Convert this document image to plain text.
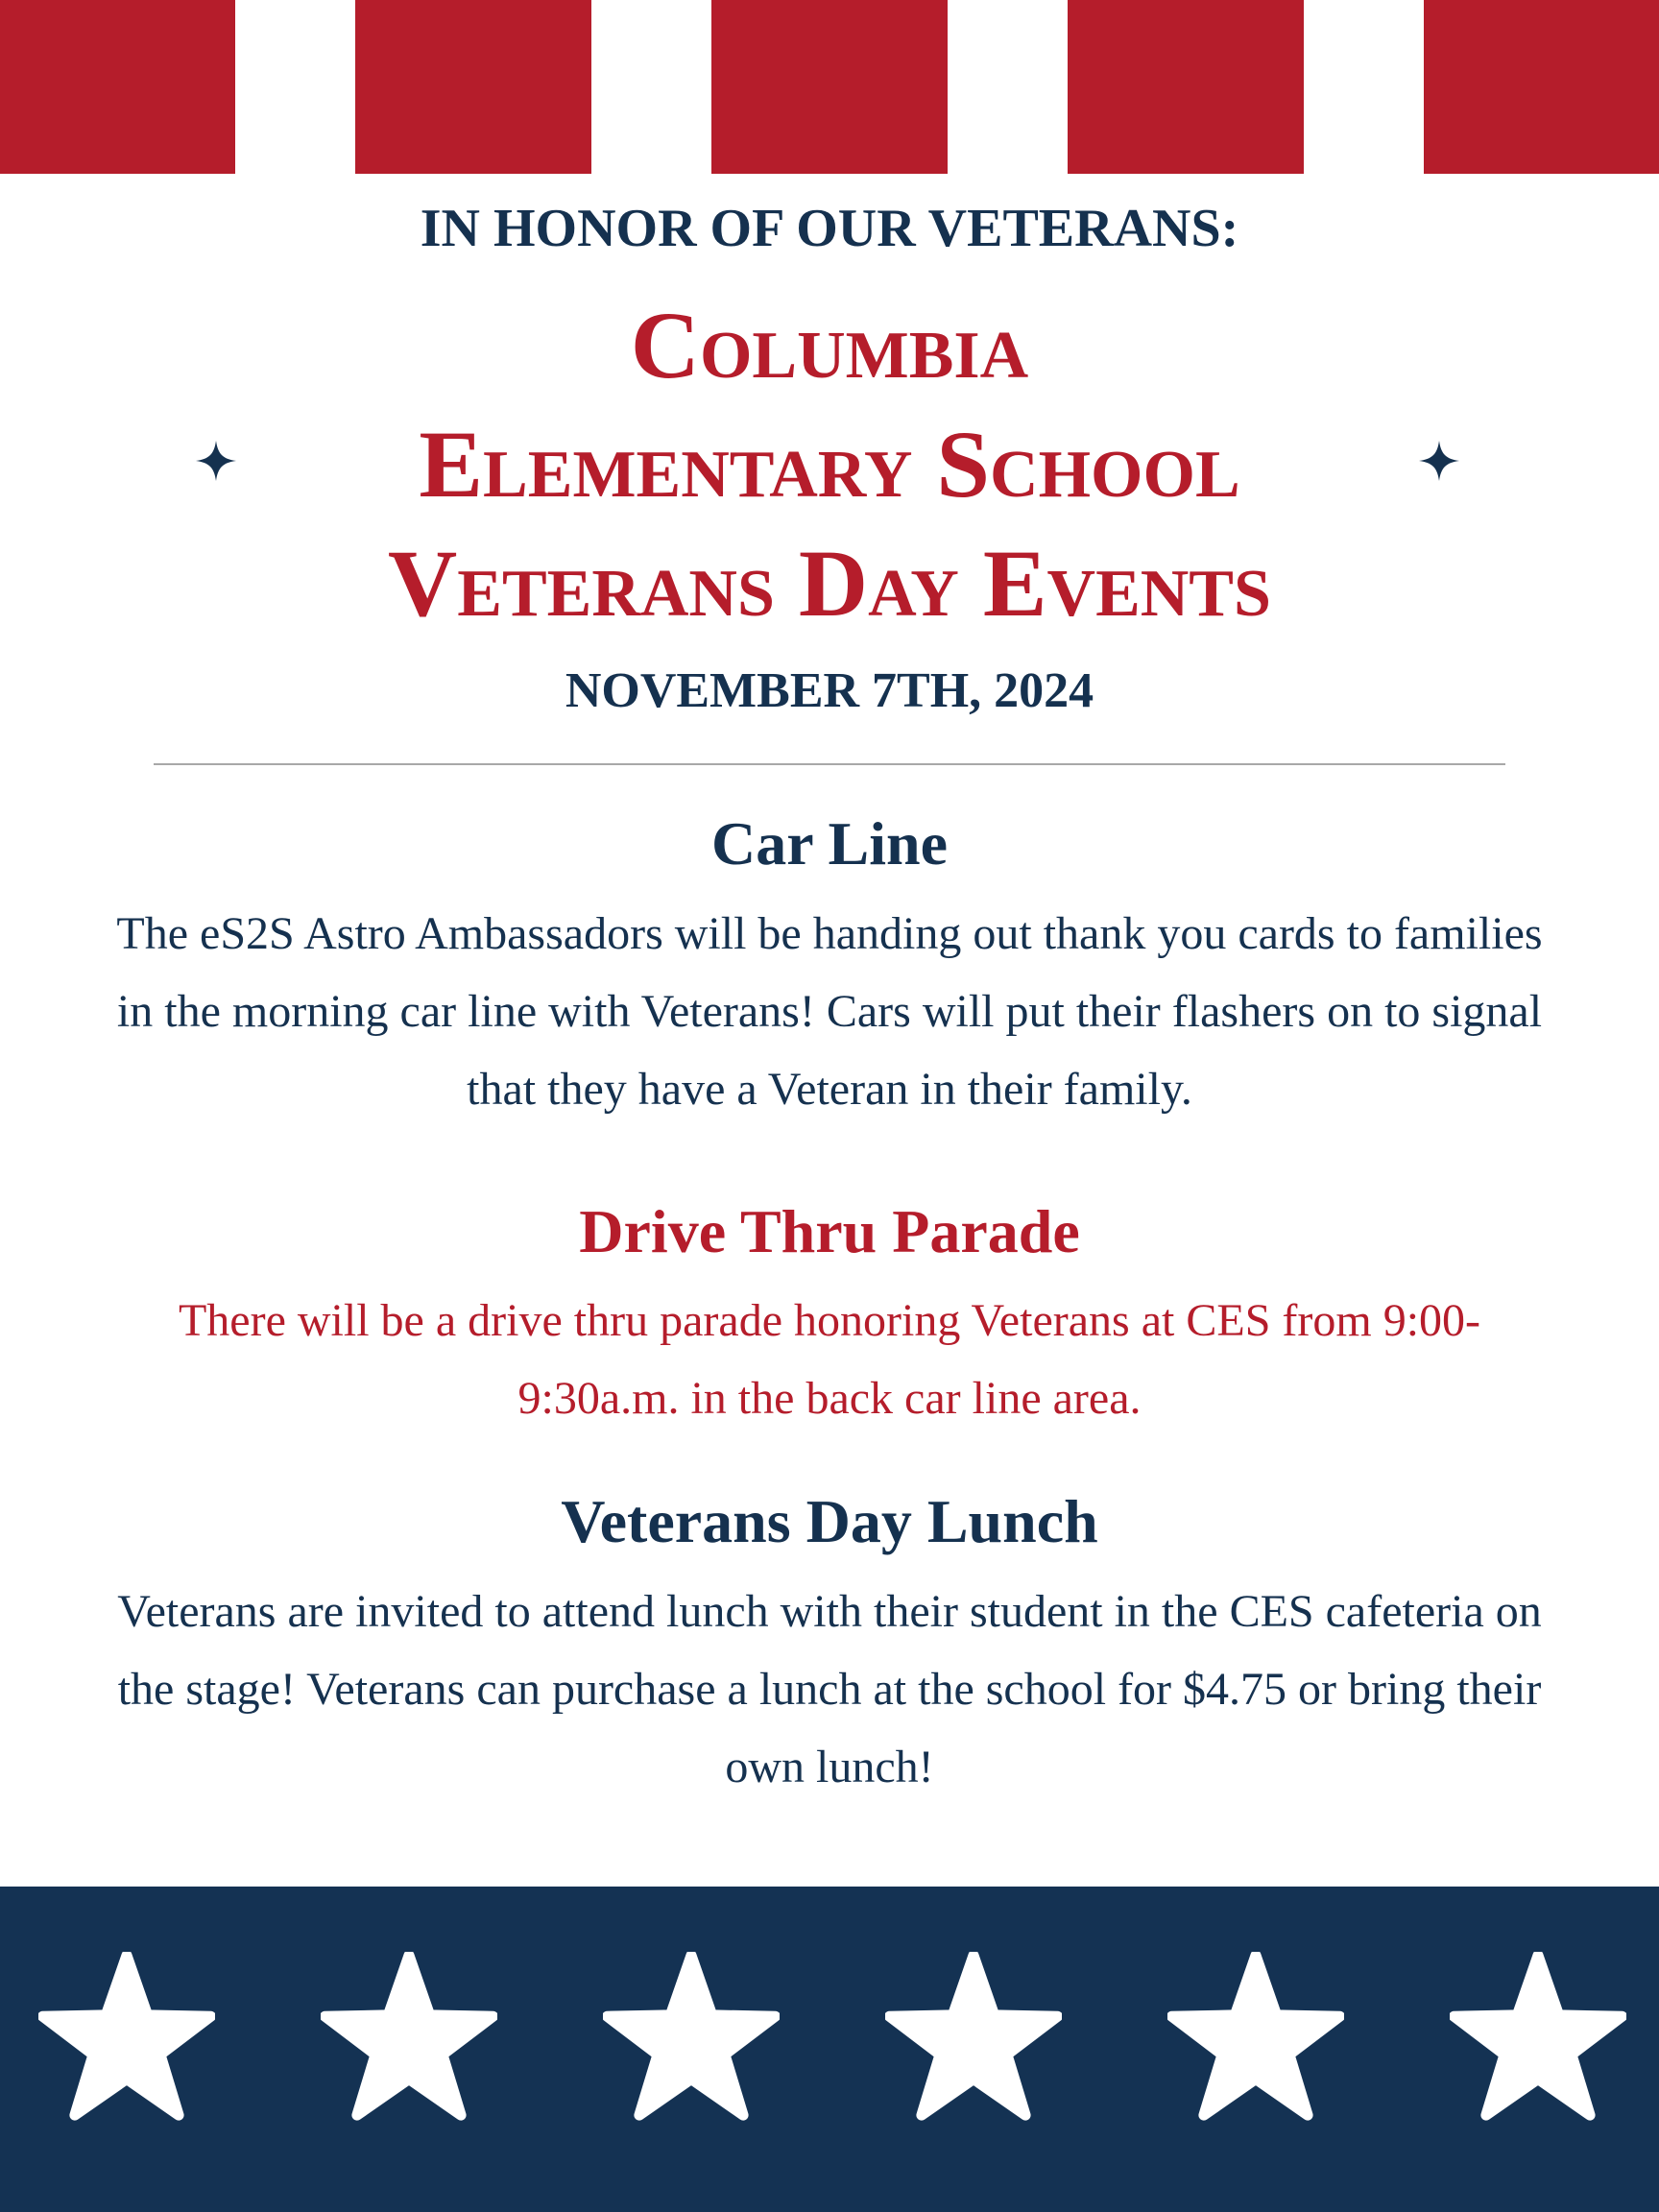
IN HONOR OF OUR VETERANS:
Columbia
Elementary School
Veterans Day Events
NOVEMBER 7TH, 2024
Car Line
The eS2S Astro Ambassadors will be handing out thank you cards to families in the morning car line with Veterans! Cars will put their flashers on to signal that they have a Veteran in their family.
Drive Thru Parade
There will be a drive thru parade honoring Veterans at CES from 9:00-9:30a.m. in the back car line area.
Veterans Day Lunch
Veterans are invited to attend lunch with their student in the CES cafeteria on the stage! Veterans can purchase a lunch at the school for $4.75 or bring their own lunch!
